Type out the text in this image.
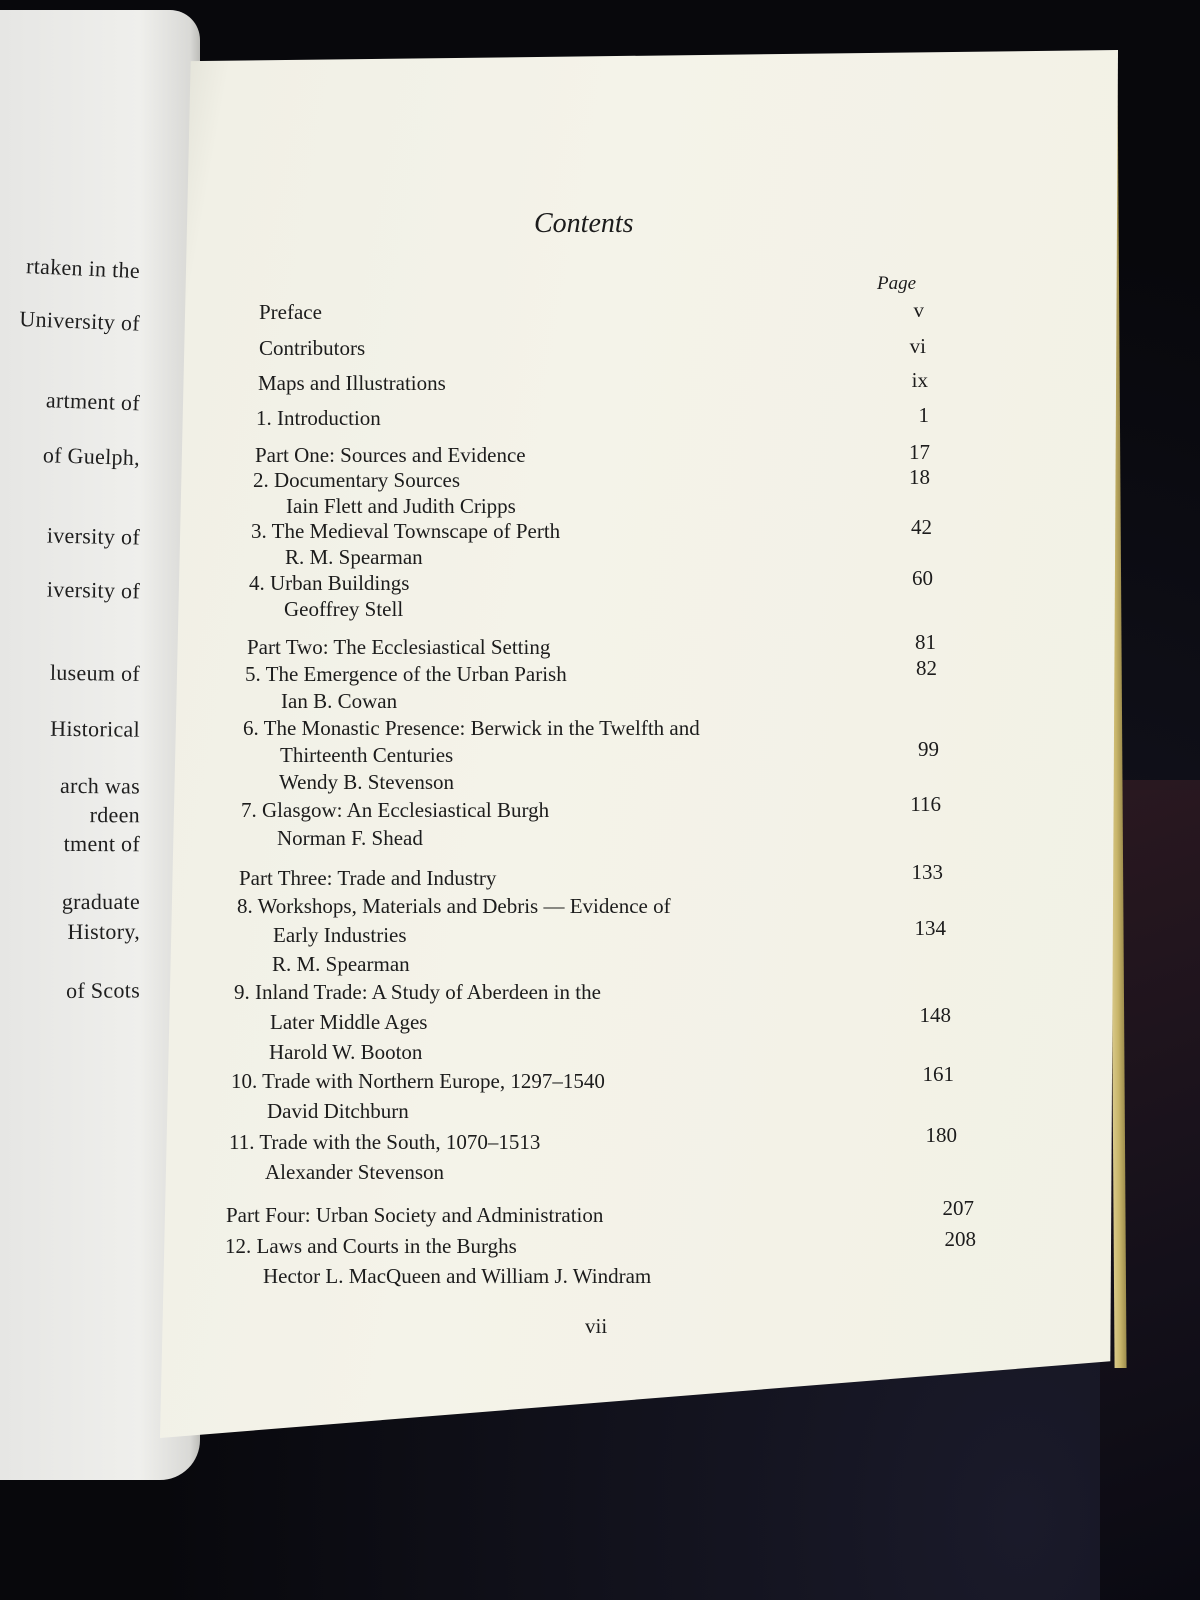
rtaken in the
University of
artment of
of Guelph,
iversity of
iversity of
luseum of
Historical
arch was
rdeen
tment of
graduate
History,
of Scots
Contents
Page
Preface	v
Contributors	vi
Maps and Illustrations	ix
1. Introduction	1
Part One: Sources and Evidence	17
2. Documentary Sources	18
Iain Flett and Judith Cripps
3. The Medieval Townscape of Perth	42
R. M. Spearman
4. Urban Buildings	60
Geoffrey Stell
Part Two: The Ecclesiastical Setting	81
5. The Emergence of the Urban Parish	82
Ian B. Cowan
6. The Monastic Presence: Berwick in the Twelfth and
Thirteenth Centuries	99
Wendy B. Stevenson
7. Glasgow: An Ecclesiastical Burgh	116
Norman F. Shead
Part Three: Trade and Industry	133
8. Workshops, Materials and Debris — Evidence of
Early Industries	134
R. M. Spearman
9. Inland Trade: A Study of Aberdeen in the
Later Middle Ages	148
Harold W. Booton
10. Trade with Northern Europe, 1297–1540	161
David Ditchburn
11. Trade with the South, 1070–1513	180
Alexander Stevenson
Part Four: Urban Society and Administration	207
12. Laws and Courts in the Burghs	208
Hector L. MacQueen and William J. Windram
vii
